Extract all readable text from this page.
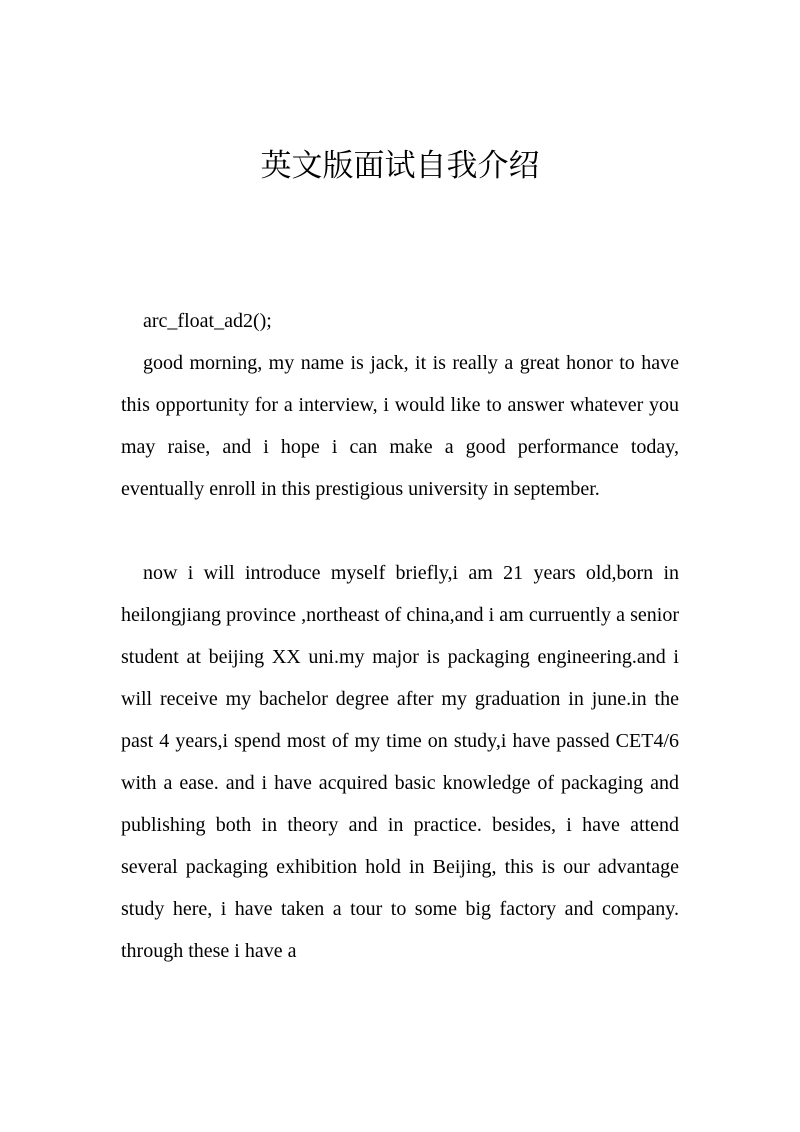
英文版面试自我介绍

arc_float_ad2();

good morning, my name is jack, it is really a great honor to have this opportunity for a interview, i would like to answer whatever you may raise, and i hope i can make a good performance today, eventually enroll in this prestigious university in september.

now i will introduce myself briefly,i am 21 years old,born in heilongjiang province ,northeast of china,and i am curruently a senior student at beijing XX uni.my major is packaging engineering.and i will receive my bachelor degree after my graduation in june.in the past 4 years,i spend most of my time on study,i have passed CET4/6 with a ease. and i have acquired basic knowledge of packaging and publishing both in theory and in practice. besides, i have attend several packaging exhibition hold in Beijing, this is our advantage study here, i have taken a tour to some big factory and company. through these i have a
